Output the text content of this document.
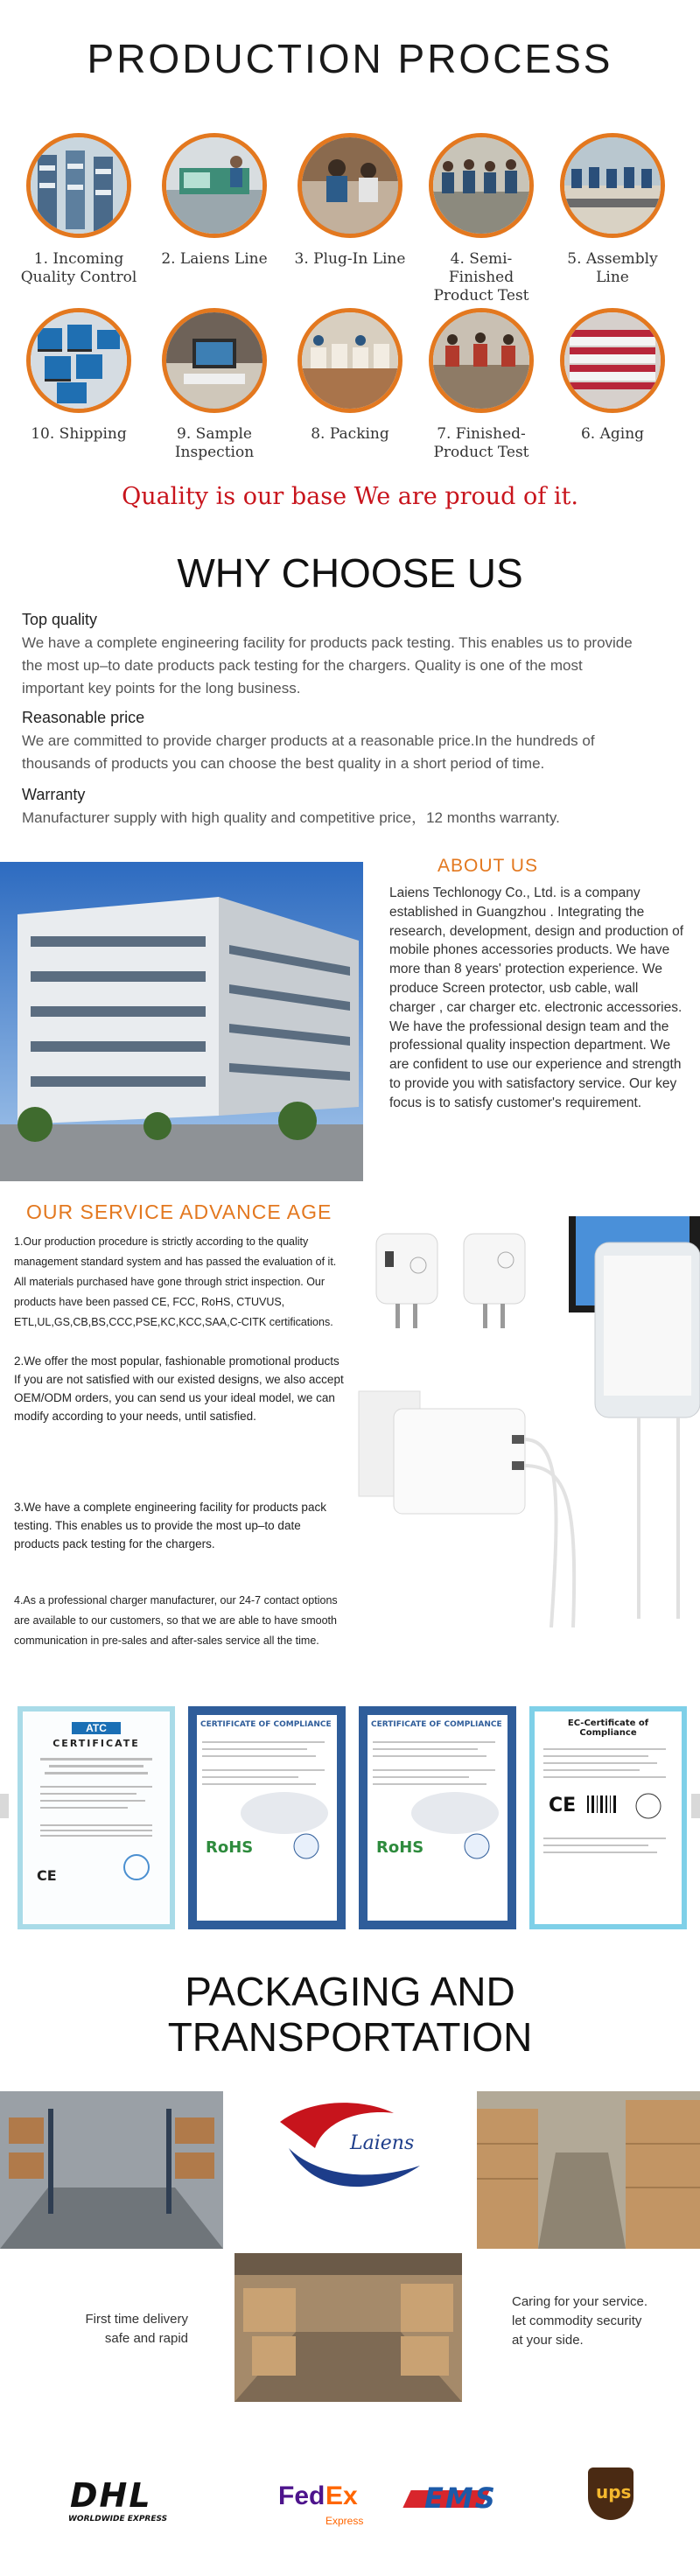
PRODUCTION PROCESS
1. Incoming
Quality Control
2. Laiens Line	3. Plug-In Line	4. Semi-Finished
Product Test
5. Assembly Line
10. Shipping	9. Sample Inspection
8. Packing	7. Finished-Product Test
6. Aging
Quality is our base We are proud of it.
WHY CHOOSE US
Top quality
We have a complete engineering facility for products pack testing. This enables us to provide the most up–to date products pack testing for the chargers. Quality is one of the most important key points for the long business.
Reasonable price
We are committed to provide charger products at a reasonable price.In the hundreds of thousands of products you can choose the best quality in a short period of time.
Warranty
Manufacturer supply with high quality and competitive price，12 months warranty.
ABOUT US
Laiens Techlonogy Co., Ltd. is a company established in Guangzhou . Integrating the research, development, design and production of mobile phones accessories products. We have more than 8 years' protection experience. We produce Screen protector, usb cable, wall charger , car charger etc. electronic accessories. We have the professional design team and the professional quality inspection department. We are confident to use our experience and strength to provide you with satisfactory service. Our key focus is to satisfy customer's requirement.
OUR SERVICE ADVANCE AGE
1.Our production procedure is strictly according to the quality management standard system and has passed the evaluation of it. All materials purchased have gone through strict inspection. Our products have been passed CE, FCC, RoHS, CTUVUS, ETL,UL,GS,CB,BS,CCC,PSE,KC,KCC,SAA,C-CITK certifications.
2.We offer the most popular, fashionable promotional products If you are not satisfied with our existed designs, we also accept OEM/ODM orders, you can send us your ideal model, we can modify according to your needs, until satisfied.
3.We have a complete engineering facility for products pack testing. This enables us to provide the most up–to date products pack testing for the chargers.
4.As a professional charger manufacturer, our 24-7 contact options are available to our customers, so that we are able to have smooth communication in pre-sales and after-sales service all the time.
ATC
CERTIFICATE
CE
CERTIFICATE OF COMPLIANCE
RoHS
CERTIFICATE OF COMPLIANCE
RoHS
EC-Certificate of Compliance
CE
PACKAGING AND
TRANSPORTATION
Laiens
First time delivery
safe and rapid
Caring for your service.
let commodity security
at your side.
DHL
WORLDWIDE EXPRESS
Fed Ex
Express
EMS	ups
